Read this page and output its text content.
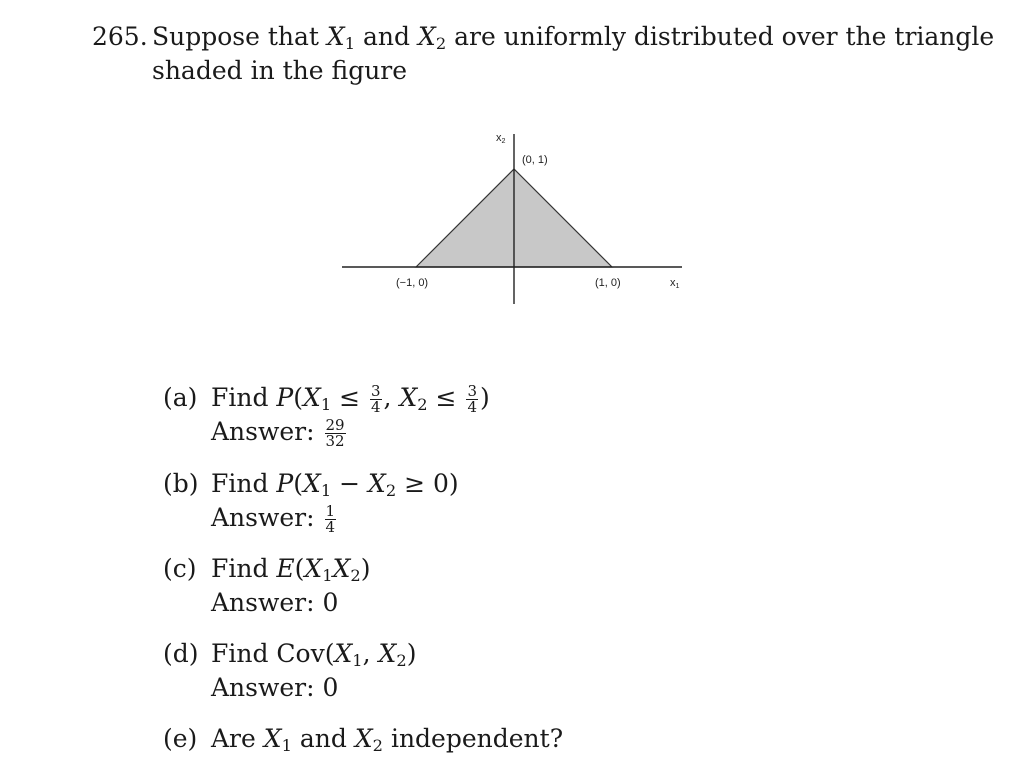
265. Suppose that $X_1$ and $X_2$ are uniformly distributed over the triangle
shaded in the figure
$x_2$
(0, 1)
(−1, 0)	(1, 0)	$x_1$
(a) Find $P(X_1 \le \frac{3}{4}$ , $X_2 \le \frac{3}{4}$ )
Answer: $\frac{29}{32}$
(b) Find $P(X_1 - X_2 \ge 0)$
Answer: $\frac{1}{4}$
(c) Find $E(X_1X_2)$
Answer: 0
(d) Find $Cov(X_1$, $X_2$)
Answer: 0
(e) Are $X_1$ and $X_2$ independent?
